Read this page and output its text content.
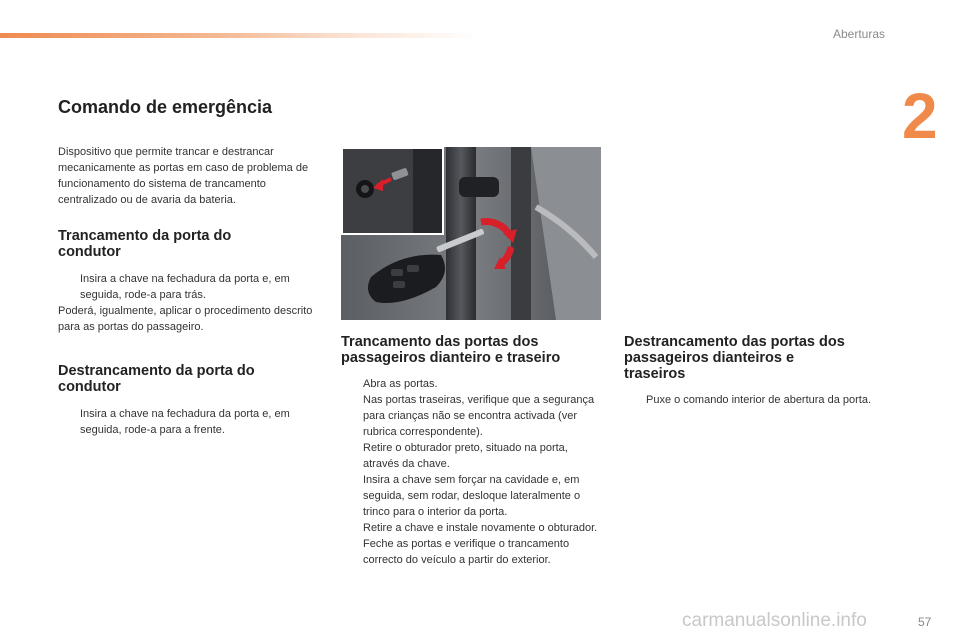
Aberturas
2
Comando de emergência

Dispositivo que permite trancar e destrancar mecanicamente as portas em caso de problema de funcionamento do sistema de trancamento centralizado ou de avaria da bateria.

Trancamento da porta do condutor
Insira a chave na fechadura da porta e, em seguida, rode-a para trás.

Poderá, igualmente, aplicar o procedimento descrito para as portas do passageiro.

Destrancamento da porta do condutor
Insira a chave na fechadura da porta e, em seguida, rode-a para a frente.
Trancamento das portas dos passageiros dianteiro e traseiro
Abra as portas.
Nas portas traseiras, verifique que a segurança para crianças não se encontra activada (ver rubrica correspondente).
Retire o obturador preto, situado na porta, através da chave.
Insira a chave sem forçar na cavidade e, em seguida, sem rodar, desloque lateralmente o trinco para o interior da porta.
Retire a chave e instale novamente o obturador.
Feche as portas e verifique o trancamento correcto do veículo a partir do exterior.
Destrancamento das portas dos passageiros dianteiros e traseiros
Puxe o comando interior de abertura da porta.
carmanualsonline.info	57
